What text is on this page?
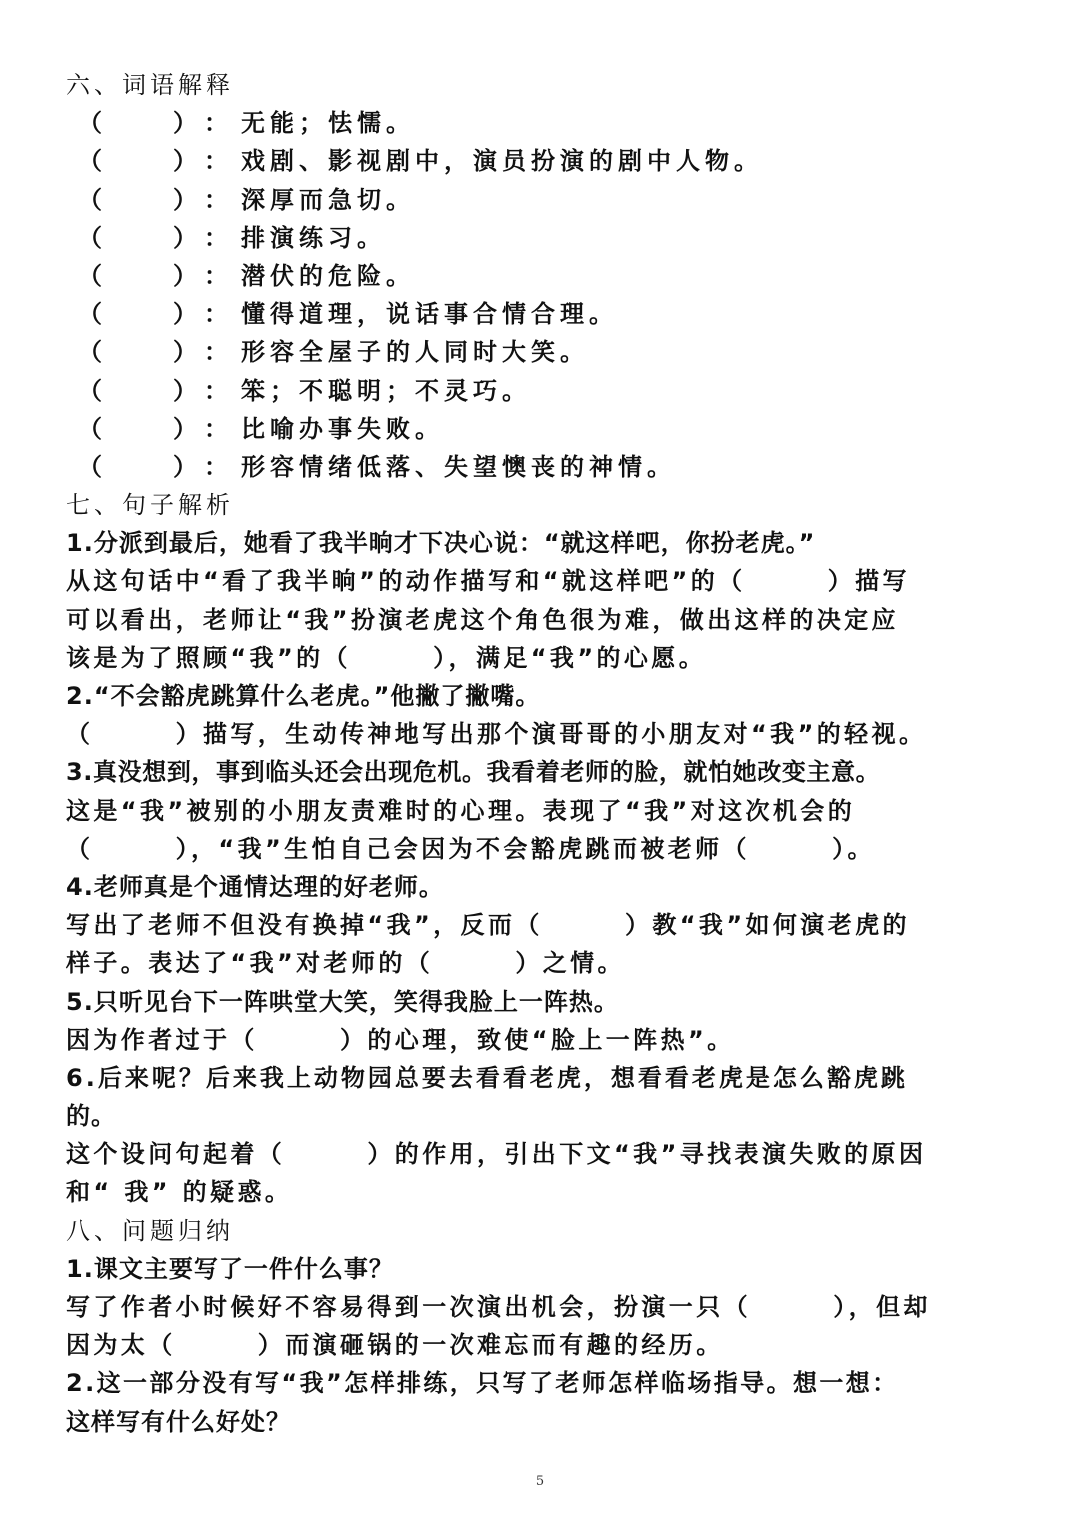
六、词语解释
（	） ： 无能；怯懦。
（	） ： 戏剧、影视剧中，演员扮演的剧中人物。
（	） ： 深厚而急切。
（	） ： 排演练习。
（	） ： 潜伏的危险。
（	） ： 懂得道理，说话事合情合理。
（	） ： 形容全屋子的人同时大笑。
（	） ： 笨；不聪明；不灵巧。
（	） ： 比喻办事失败。
（	） ： 形容情绪低落、失望懊丧的神情。
七、句子解析
1.分派到最后，她看了我半晌才下决心说：“就这样吧，你扮老虎。”
从这句话中“看了我半晌”的动作描写和“就这样吧”的（　　　）描写
可以看出，老师让“我”扮演老虎这个角色很为难，做出这样的决定应
该是为了照顾“我”的（　　　），满足“我”的心愿。
2.“不会豁虎跳算什么老虎。”他撇了撇嘴。
（　　　）描写，生动传神地写出那个演哥哥的小朋友对“我”的轻视。
3.真没想到，事到临头还会出现危机。我看着老师的脸，就怕她改变主意。
这是“我”被别的小朋友责难时的心理。表现了“我”对这次机会的
（　　　），“我”生怕自己会因为不会豁虎跳而被老师（　　　）。
4.老师真是个通情达理的好老师。
写出了老师不但没有换掉“我”，反而（　　　）教“我”如何演老虎的
样子。表达了“我”对老师的（　　　）之情。
5.只听见台下一阵哄堂大笑，笑得我脸上一阵热。
因为作者过于（　　　）的心理，致使“脸上一阵热”。
6.后来呢？后来我上动物园总要去看看老虎，想看看老虎是怎么豁虎跳
的。
这个设问句起着（　　　）的作用，引出下文“我”寻找表演失败的原因
和“ 我” 的疑惑。
八、问题归纳
1.课文主要写了一件什么事？
写了作者小时候好不容易得到一次演出机会，扮演一只（　　　），但却
因为太（　　　）而演砸锅的一次难忘而有趣的经历。
2.这一部分没有写“我”怎样排练，只写了老师怎样临场指导。想一想：
这样写有什么好处？
5
